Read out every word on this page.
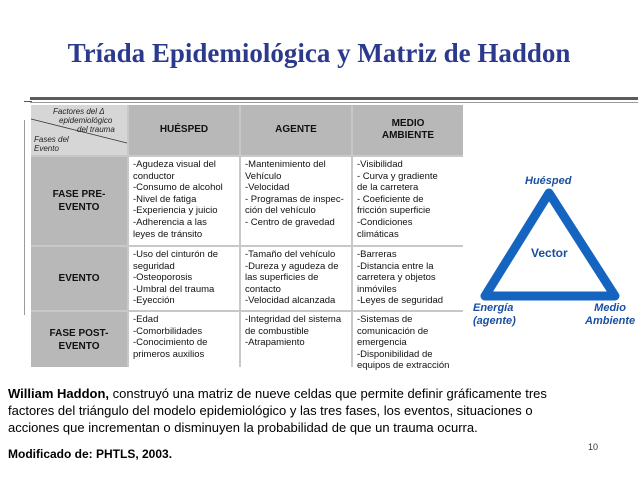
Tríada Epidemiológica y Matriz de Haddon
Factores del Δ
epidemiológico
del trauma
Fases del
Evento
HUÉSPED	AGENTE
MEDIO
AMBIENTE
FASE PRE-
EVENTO
-Agudeza visual del
conductor
-Consumo de alcohol
-Nivel de fatiga
-Experiencia y juicio
-Adherencia a las
leyes de tránsito
-Mantenimiento del
Vehículo
-Velocidad
- Programas de inspec-
ción del vehículo
- Centro de gravedad
-Visibilidad
- Curva y gradiente
de la carretera
- Coeficiente de
fricción superficie
-Condiciones
climáticas
EVENTO
-Uso del cinturón de
seguridad
-Osteoporosis
-Umbral del trauma
-Eyección
-Tamaño del vehículo
-Dureza y agudeza de
las superficies de
contacto
-Velocidad alcanzada
-Barreras
-Distancia entre la
carretera y objetos
inmóviles
-Leyes de seguridad
FASE POST-
EVENTO
-Edad
-Comorbilidades
-Conocimiento de
primeros auxilios
-Integridad del sistema
de combustible
-Atrapamiento
-Sistemas de
comunicación de
emergencia
-Disponibilidad de
equipos de extracción
Huésped
Vector
Energía
(agente)
Medio
Ambiente
William Haddon, construyó una matriz de nueve celdas que permite definir gráficamente tres
factores del triángulo del modelo epidemiológico y las tres fases, los eventos, situaciones o
acciones que incrementan o disminuyen la probabilidad de que un trauma ocurra.
Modificado de: PHTLS, 2003.	10
